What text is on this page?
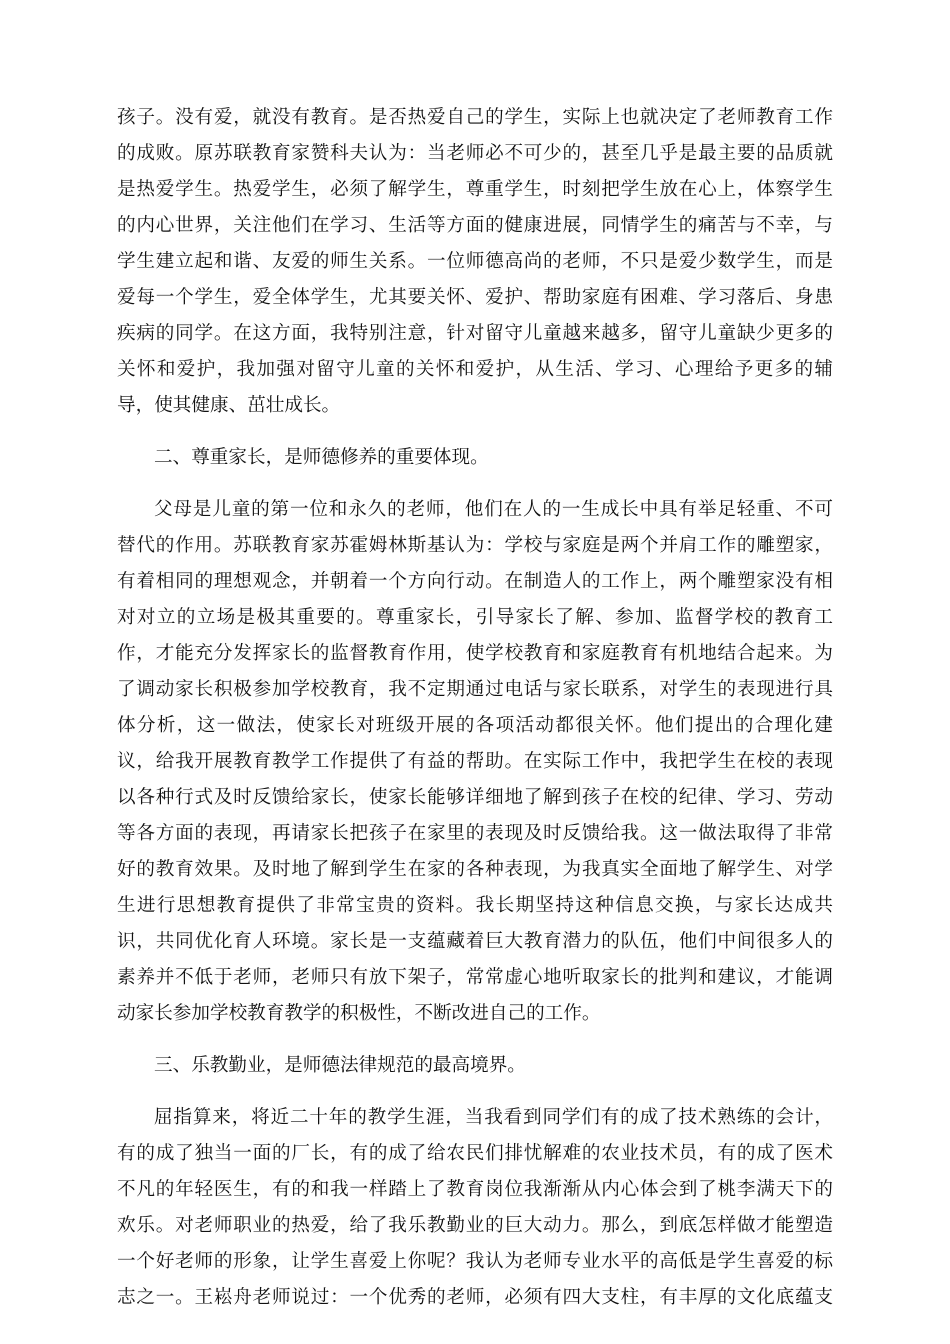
孩子。没有爱，就没有教育。是否热爱自己的学生，实际上也就决定了老师教育工作
的成败。原苏联教育家赞科夫认为：当老师必不可少的，甚至几乎是最主要的品质就
是热爱学生。热爱学生，必须了解学生，尊重学生，时刻把学生放在心上，体察学生
的内心世界，关注他们在学习、生活等方面的健康进展，同情学生的痛苦与不幸，与
学生建立起和谐、友爱的师生关系。一位师德高尚的老师，不只是爱少数学生，而是
爱每一个学生，爱全体学生，尤其要关怀、爱护、帮助家庭有困难、学习落后、身患
疾病的同学。在这方面，我特别注意，针对留守儿童越来越多，留守儿童缺少更多的
关怀和爱护，我加强对留守儿童的关怀和爱护，从生活、学习、心理给予更多的辅
导，使其健康、茁壮成长。
二、尊重家长，是师德修养的重要体现。
父母是儿童的第一位和永久的老师，他们在人的一生成长中具有举足轻重、不可
替代的作用。苏联教育家苏霍姆林斯基认为：学校与家庭是两个并肩工作的雕塑家，
有着相同的理想观念，并朝着一个方向行动。在制造人的工作上，两个雕塑家没有相
对对立的立场是极其重要的。尊重家长，引导家长了解、参加、监督学校的教育工
作，才能充分发挥家长的监督教育作用，使学校教育和家庭教育有机地结合起来。为
了调动家长积极参加学校教育，我不定期通过电话与家长联系，对学生的表现进行具
体分析，这一做法，使家长对班级开展的各项活动都很关怀。他们提出的合理化建
议，给我开展教育教学工作提供了有益的帮助。在实际工作中，我把学生在校的表现
以各种行式及时反馈给家长，使家长能够详细地了解到孩子在校的纪律、学习、劳动
等各方面的表现，再请家长把孩子在家里的表现及时反馈给我。这一做法取得了非常
好的教育效果。及时地了解到学生在家的各种表现，为我真实全面地了解学生、对学
生进行思想教育提供了非常宝贵的资料。我长期坚持这种信息交换，与家长达成共
识，共同优化育人环境。家长是一支蕴藏着巨大教育潜力的队伍，他们中间很多人的
素养并不低于老师，老师只有放下架子，常常虚心地听取家长的批判和建议，才能调
动家长参加学校教育教学的积极性，不断改进自己的工作。
三、乐教勤业，是师德法律规范的最高境界。
屈指算来，将近二十年的教学生涯，当我看到同学们有的成了技术熟练的会计，
有的成了独当一面的厂长，有的成了给农民们排忧解难的农业技术员，有的成了医术
不凡的年轻医生，有的和我一样踏上了教育岗位我渐渐从内心体会到了桃李满天下的
欢乐。对老师职业的热爱，给了我乐教勤业的巨大动力。那么，到底怎样做才能塑造
一个好老师的形象，让学生喜爱上你呢？我认为老师专业水平的高低是学生喜爱的标
志之一。王崧舟老师说过：一个优秀的老师，必须有四大支柱，有丰厚的文化底蕴支
